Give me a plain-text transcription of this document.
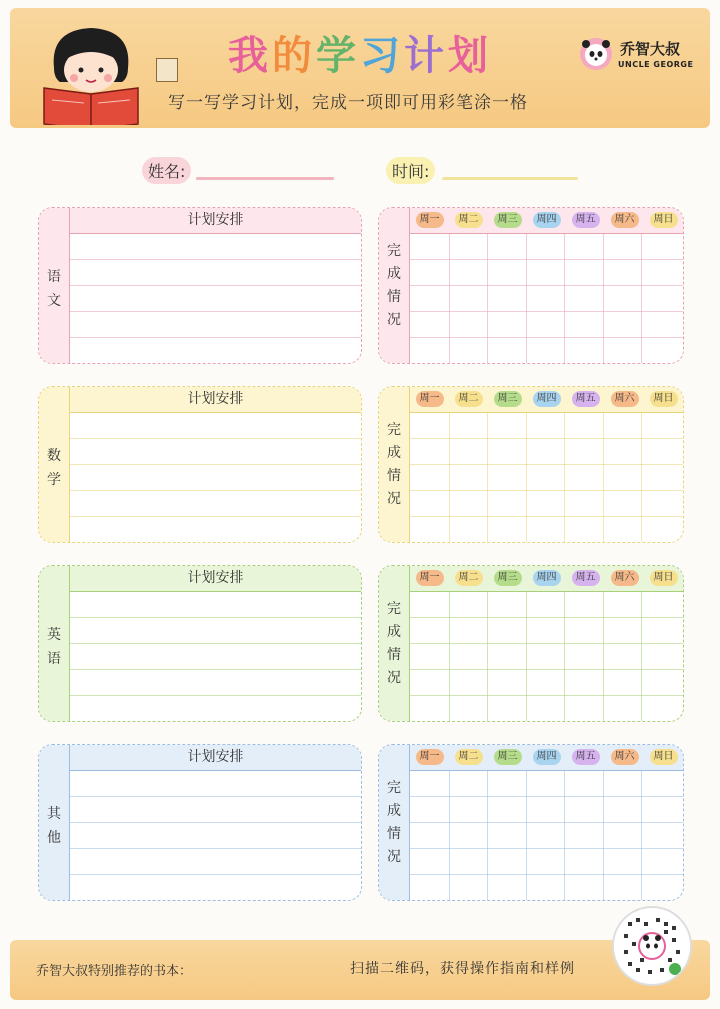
我的学习计划
写一写学习计划，完成一项即可用彩笔涂一格
乔智大叔
UNCLE GEORGE
姓名:	时间:
语
文
计划安排
完
成
情
况
周一	周二	周三	周四	周五	周六	周日
数
学
计划安排
完
成
情
况
周一	周二	周三	周四	周五	周六	周日
英
语
计划安排
完
成
情
况
周一	周二	周三	周四	周五	周六	周日
其
他
计划安排
完
成
情
况
周一	周二	周三	周四	周五	周六	周日
乔智大叔特别推荐的书本：	扫描二维码，获得操作指南和样例
